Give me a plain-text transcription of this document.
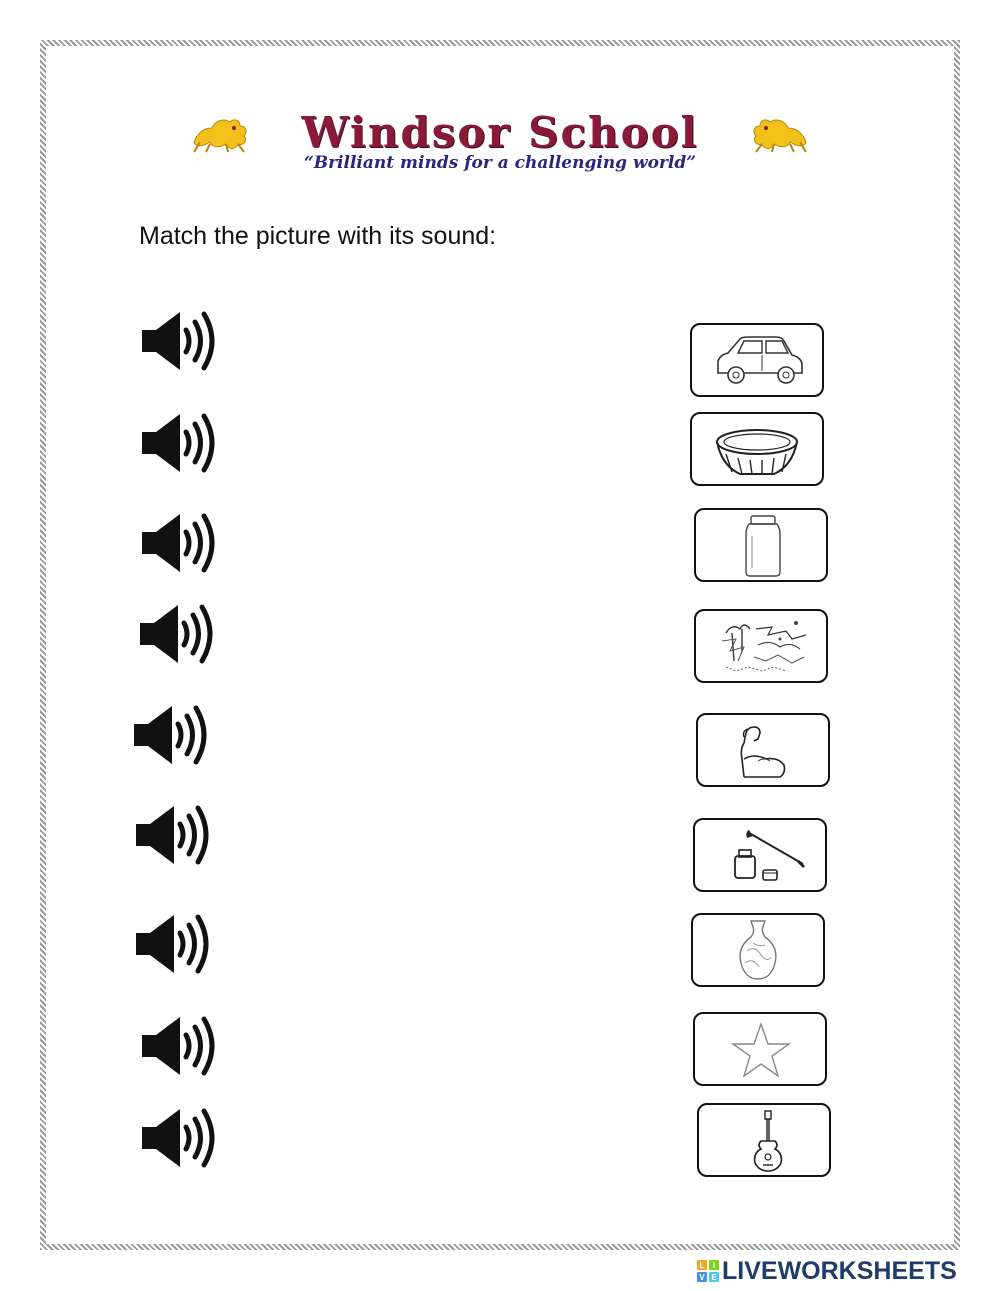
Windsor School
“Brilliant minds for a challenging world”
Match the picture with its sound:
L	I
V E LIVEWORKSHEETS
